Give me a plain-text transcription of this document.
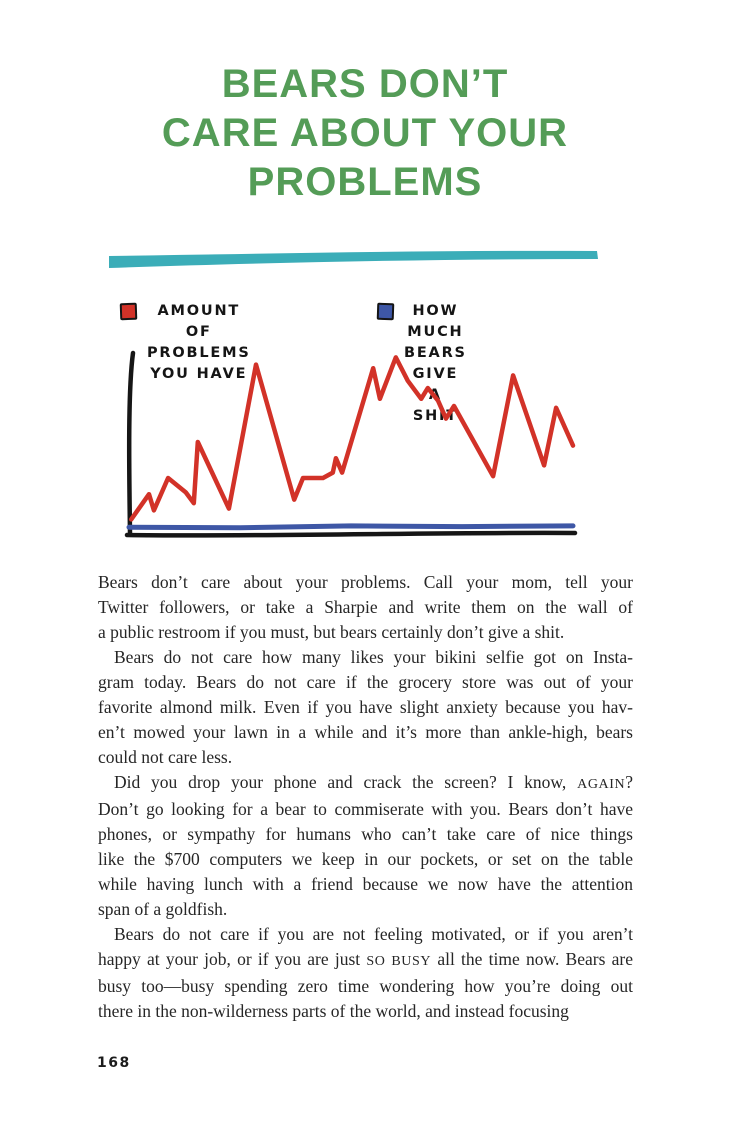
BEARS DON’T
CARE ABOUT YOUR
PROBLEMS
AMOUNT OF PROBLEMS
YOU HAVE
HOW MUCH BEARS
GIVE A SHIT
Bears don’t care about your problems. Call your mom, tell your
Twitter followers, or take a Sharpie and write them on the wall of
a public restroom if you must, but bears certainly don’t give a shit.
Bears do not care how many likes your bikini selfie got on Insta-
gram today. Bears do not care if the grocery store was out of your
favorite almond milk. Even if you have slight anxiety because you hav-
en’t mowed your lawn in a while and it’s more than ankle-high, bears
could not care less.
Did you drop your phone and crack the screen? I know, AGAIN?
Don’t go looking for a bear to commiserate with you. Bears don’t have
phones, or sympathy for humans who can’t take care of nice things
like the $700 computers we keep in our pockets, or set on the table
while having lunch with a friend because we now have the attention
span of a goldfish.
Bears do not care if you are not feeling motivated, or if you aren’t
happy at your job, or if you are just SO BUSY all the time now. Bears are
busy too—busy spending zero time wondering how you’re doing out
there in the non-wilderness parts of the world, and instead focusing
168
